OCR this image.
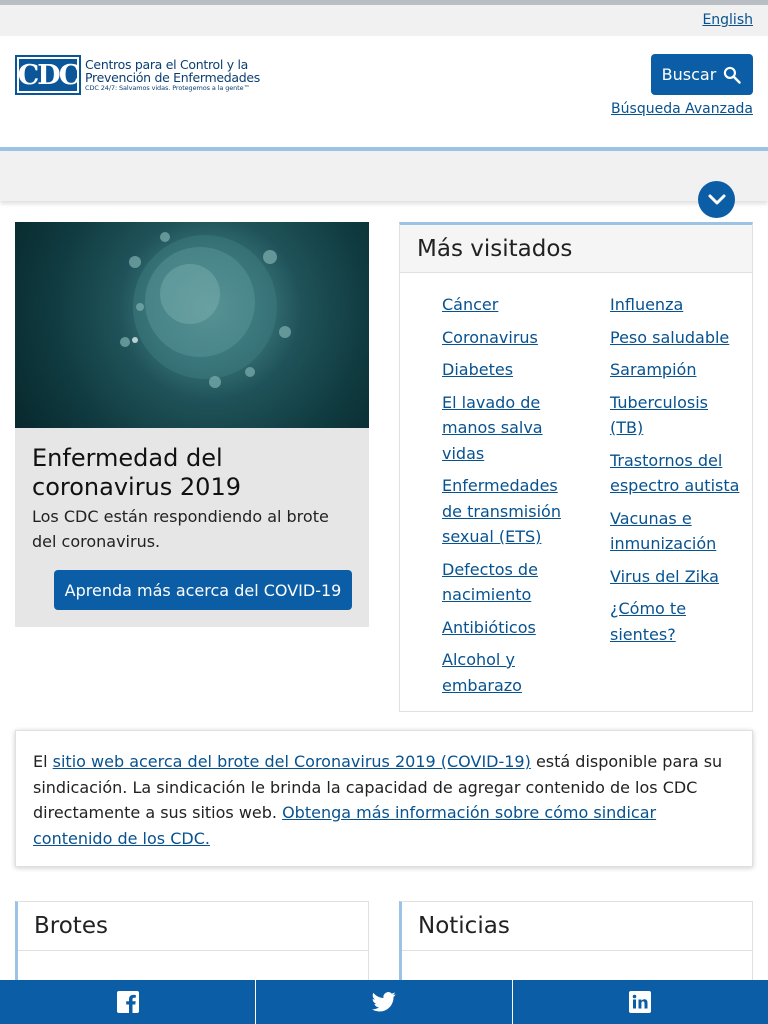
English
CDC Centros para el Control y la
Prevención de Enfermedades
CDC 24/7: Salvamos vidas. Protegemos a la gente™
Buscar
Búsqueda Avanzada
Enfermedad del coronavirus 2019
Los CDC están respondiendo al brote del coronavirus.
Aprenda más acerca del COVID-19
Más visitados
Cáncer
Coronavirus
Diabetes
El lavado de manos salva vidas
Enfermedades de transmisión sexual (ETS)
Defectos de nacimiento
Antibióticos
Alcohol y embarazo
Influenza
Peso saludable
Sarampión
Tuberculosis (TB)
Trastornos del espectro autista
Vacunas e inmunización
Virus del Zika
¿Cómo te sientes?
El sitio web acerca del brote del Coronavirus 2019 (COVID-19) está disponible para su sindicación. La sindicación le brinda la capacidad de agregar contenido de los CDC directamente a sus sitios web. Obtenga más información sobre cómo sindicar contenido de los CDC.
Brotes	Noticias
